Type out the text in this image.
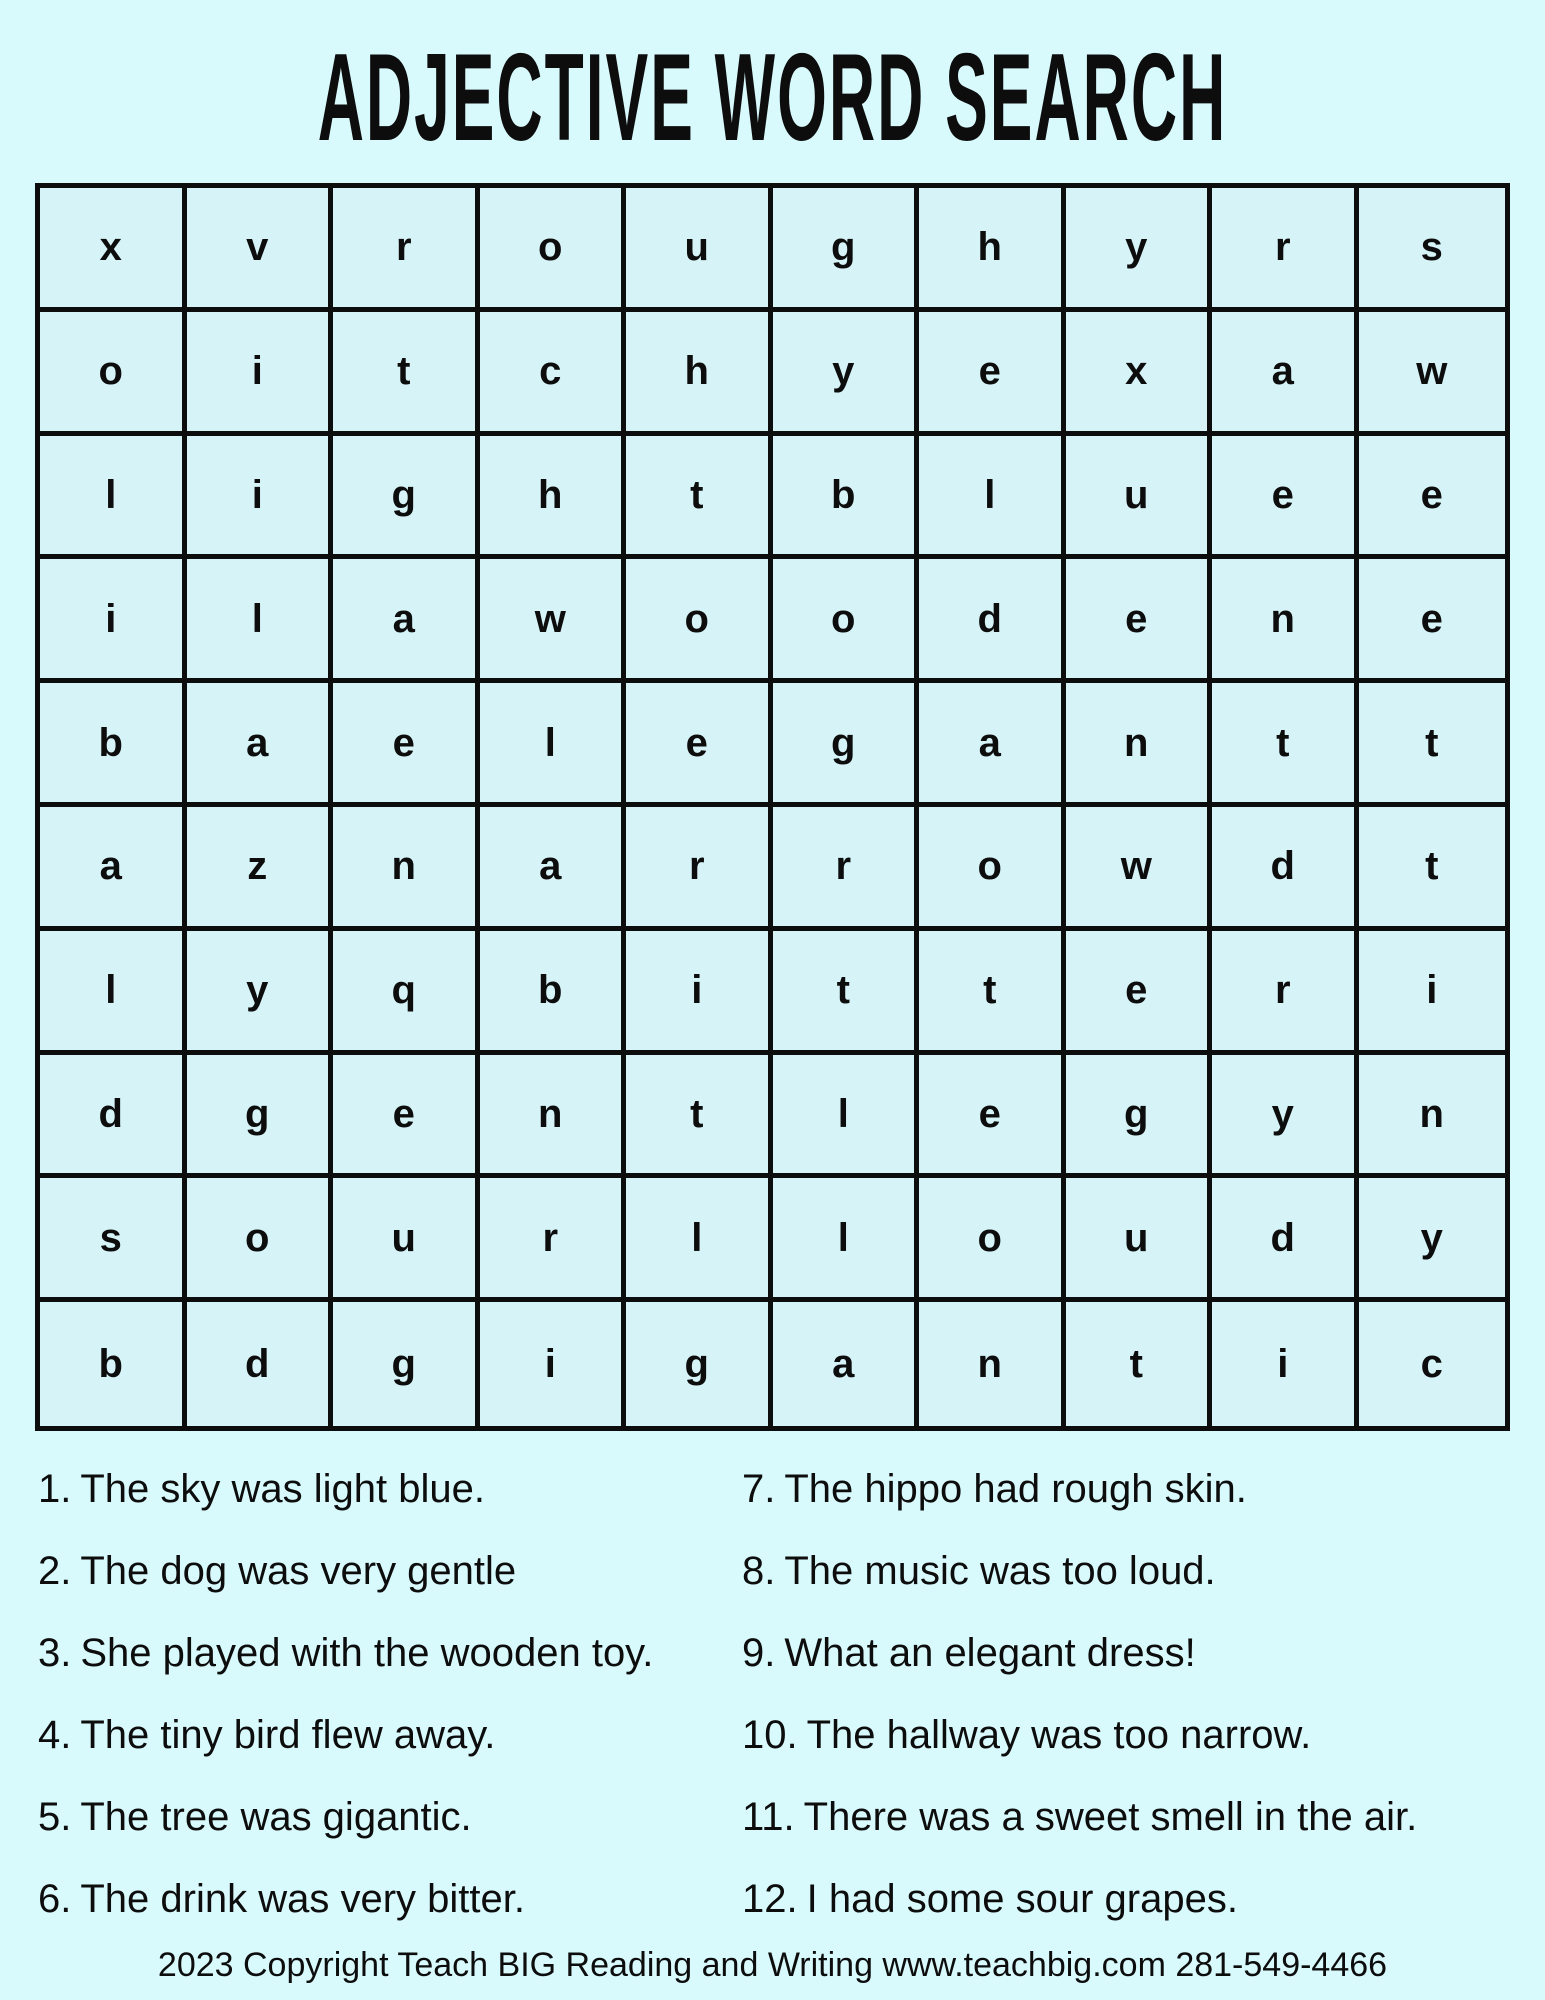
ADJECTIVE WORD SEARCH
x	v	r	o	u	g	h	y	r	s
o	i	t	c	h	y	e	x	a	w
l	i	g	h	t	b	l	u	e	e
i	l	a	w	o	o	d	e	n	e
b	a	e	l	e	g	a	n	t	t
a	z	n	a	r	r	o	w	d	t
l	y	q	b	i	t	t	e	r	i
d	g	e	n	t	l	e	g	y	n
s	o	u	r	l	l	o	u	d	y
b	d	g	i	g	a	n	t	i	c
1. The sky was light blue.
2. The dog was very gentle
3. She played with the wooden toy.
4. The tiny bird flew away.
5. The tree was gigantic.
6. The drink was very bitter.
7. The hippo had rough skin.
8. The music was too loud.
9. What an elegant dress!
10. The hallway was too narrow.
11. There was a sweet smell in the air.
12. I had some sour grapes.
2023 Copyright Teach BIG Reading and Writing www.teachbig.com 281-549-4466
